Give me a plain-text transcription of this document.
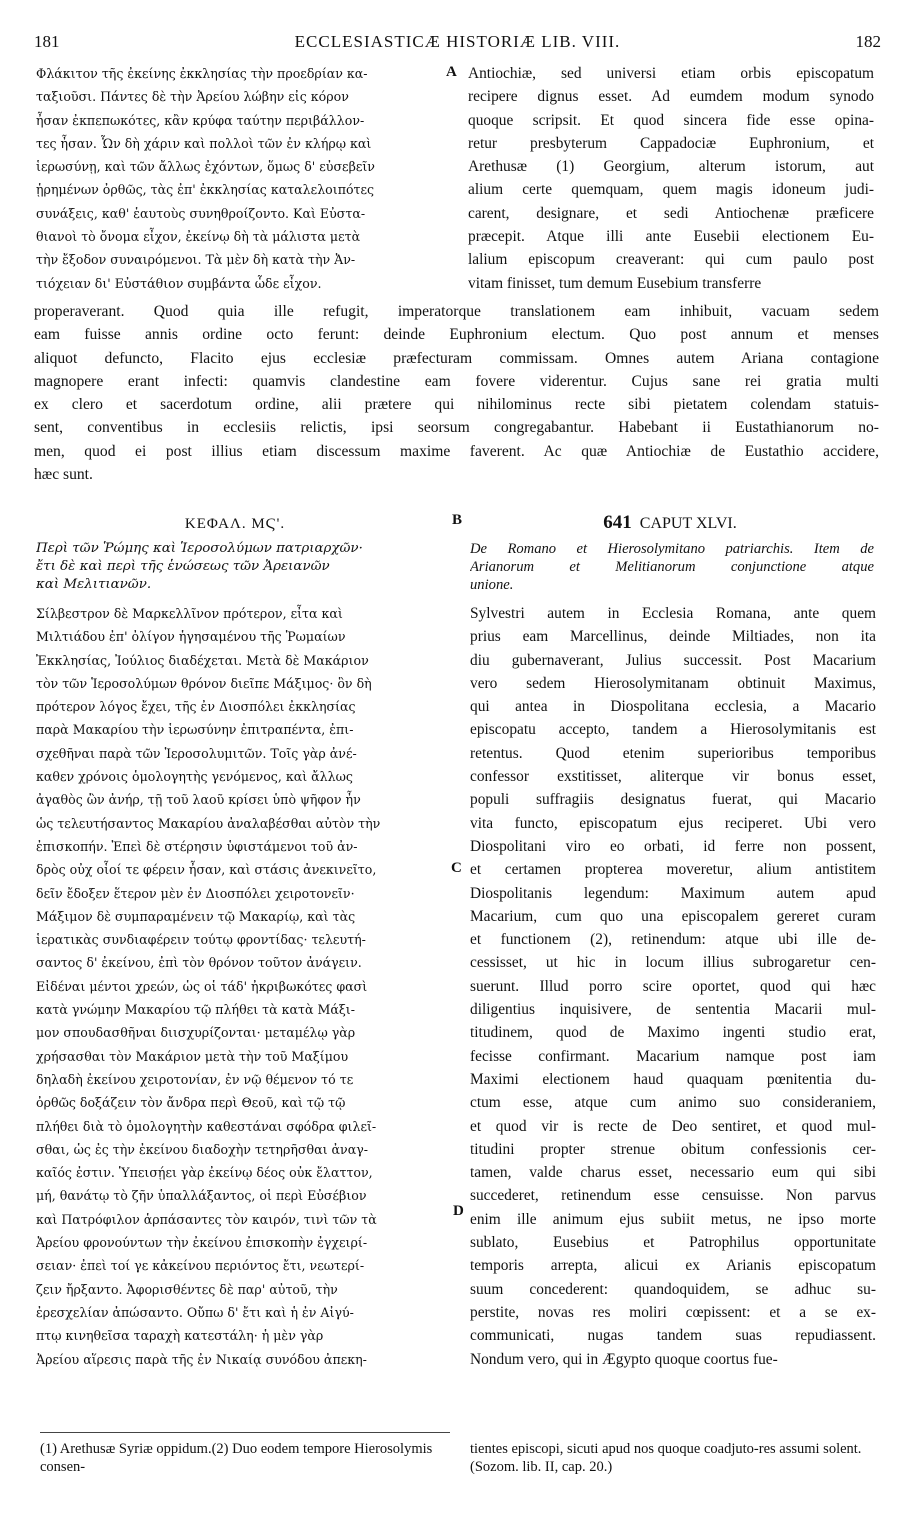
181	ECCLESIASTICÆ HISTORIÆ LIB. VIII.	182
Φλάκιτον τῆς ἐκείνης ἐκκλησίας τὴν προεδρίαν κα-
ταξιοῦσι. Πάντες δὲ τὴν Ἀρείου λώβην εἰς κόρον
ἦσαν ἐκπεπωκότες, κἂν κρύφα ταύτην περιβάλλον-
τες ἦσαν. Ὧν δὴ χάριν καὶ πολλοὶ τῶν ἐν κλήρῳ καὶ
ἱερωσύνῃ, καὶ τῶν ἄλλως ἐχόντων, ὅμως δ' εὐσεβεῖν
ᾑρημένων ὀρθῶς, τὰς ἐπ' ἐκκλησίας καταλελοιπότες
συνάξεις, καθ' ἑαυτοὺς συνηθροίζοντο. Καὶ Εὐστα-
θιανοὶ τὸ ὄνομα εἶχον, ἐκείνῳ δὴ τὰ μάλιστα μετὰ
τὴν ἔξοδον συναιρόμενοι. Τὰ μὲν δὴ κατὰ τὴν Ἀν-
τιόχειαν δι' Εὐστάθιον συμβάντα ὧδε εἶχον.
A Antiochiæ, sed universi etiam orbis episcopatum
recipere dignus esset. Ad eumdem modum synodo
quoque scripsit. Et quod sincera fide esse opina-
retur presbyterum Cappadociæ Euphronium, et
Arethusæ (1) Georgium, alterum istorum, aut
alium certe quemquam, quem magis idoneum judi-
carent, designare, et sedi Antiochenæ præficere
præcepit. Atque illi ante Eusebii electionem Eu-
lalium episcopum creaverant: qui cum paulo post
vitam finisset, tum demum Eusebium transferre
properaverant. Quod quia ille refugit, imperatorque translationem eam inhibuit, vacuam sedem
eam fuisse annis ordine octo ferunt: deinde Euphronium electum. Quo post annum et menses
aliquot defuncto, Flacito ejus ecclesiæ præfecturam commissam. Omnes autem Ariana contagione
magnopere erant infecti: quamvis clandestine eam fovere viderentur. Cujus sane rei gratia multi
ex clero et sacerdotum ordine, alii prætere qui nihilominus recte sibi pietatem colendam statuis-
sent, conventibus in ecclesiis relictis, ipsi seorsum congregabantur. Habebant ii Eustathianorum no-
men, quod ei post illius etiam discessum maxime faverent. Ac quæ Antiochiæ de Eustathio accidere,
hæc sunt.
ΚΕΦΑΛ. ΜϚ'.	B	641 CAPUT XLVI.
Περὶ τῶν Ῥώμης καὶ Ἱεροσολύμων πατριαρχῶν·
ἔτι δὲ καὶ περὶ τῆς ἑνώσεως τῶν Ἀρειανῶν
καὶ Μελιτιανῶν.
De Romano et Hierosolymitano patriarchis. Item de
Arianorum et Melitianorum conjunctione atque
unione.
Σίλβεστρον δὲ Μαρκελλῖνον πρότερον, εἶτα καὶ
Μιλτιάδου ἐπ' ὀλίγον ἡγησαμένου τῆς Ῥωμαίων
Ἐκκλησίας, Ἰούλιος διαδέχεται. Μετὰ δὲ Μακάριον
τὸν τῶν Ἱεροσολύμων θρόνον διεῖπε Μάξιμος· ὃν δὴ
πρότερον λόγος ἔχει, τῆς ἐν Διοσπόλει ἐκκλησίας
παρὰ Μακαρίου τὴν ἱερωσύνην ἐπιτραπέντα, ἐπι-
σχεθῆναι παρὰ τῶν Ἱεροσολυμιτῶν. Τοῖς γὰρ ἀνέ-
καθεν χρόνοις ὁμολογητὴς γενόμενος, καὶ ἄλλως
ἀγαθὸς ὢν ἀνήρ, τῇ τοῦ λαοῦ κρίσει ὑπὸ ψῆφον ἦν
ὡς τελευτήσαντος Μακαρίου ἀναλαβέσθαι αὐτὸν τὴν
ἐπισκοπήν. Ἐπεὶ δὲ στέρησιν ὑφιστάμενοι τοῦ ἀν-
δρὸς οὐχ οἷοί τε φέρειν ἦσαν, καὶ στάσις ἀνεκινεῖτο,
δεῖν ἔδοξεν ἕτερον μὲν ἐν Διοσπόλει χειροτονεῖν·
Μάξιμον δὲ συμπαραμένειν τῷ Μακαρίῳ, καὶ τὰς
ἱερατικὰς συνδιαφέρειν τούτῳ φροντίδας· τελευτή-
σαντος δ' ἐκείνου, ἐπὶ τὸν θρόνον τοῦτον ἀνάγειν.
Εἰδέναι μέντοι χρεών, ὡς οἱ τάδ' ἠκριβωκότες φασὶ
κατὰ γνώμην Μακαρίου τῷ πλήθει τὰ κατὰ Μάξι-
μον σπουδασθῆναι διισχυρίζονται· μεταμέλῳ γὰρ
χρήσασθαι τὸν Μακάριον μετὰ τὴν τοῦ Μαξίμου
δηλαδὴ ἐκείνου χειροτονίαν, ἐν νῷ θέμενον τό τε
ὀρθῶς δοξάζειν τὸν ἄνδρα περὶ Θεοῦ, καὶ τῷ τῷ
πλήθει διὰ τὸ ὁμολογητὴν καθεστάναι σφόδρα φιλεῖ-
σθαι, ὡς ἐς τὴν ἐκείνου διαδοχὴν τετηρῆσθαι ἀναγ-
καῖός ἐστιν. Ὑπεισῄει γὰρ ἐκείνῳ δέος οὐκ ἔλαττον,
μή, θανάτῳ τὸ ζῆν ὑπαλλάξαντος, οἱ περὶ Εὐσέβιον
καὶ Πατρόφιλον ἁρπάσαντες τὸν καιρόν, τινὶ τῶν τὰ
Ἀρείου φρονούντων τὴν ἐκείνου ἐπισκοπὴν ἐγχειρί-
σειαν· ἐπεὶ τοί γε κἀκείνου περιόντος ἔτι, νεωτερί-
ζειν ἤρξαντο. Ἀφορισθέντες δὲ παρ' αὐτοῦ, τὴν
ἐρεσχελίαν ἀπώσαντο. Οὔπω δ' ἔτι καὶ ἡ ἐν Αἰγύ-
πτῳ κινηθεῖσα ταραχὴ κατεστάλη· ἡ μὲν γὰρ
Ἀρείου αἵρεσις παρὰ τῆς ἐν Νικαίᾳ συνόδου ἀπεκη-
C
D
Sylvestri autem in Ecclesia Romana, ante quem
prius eam Marcellinus, deinde Miltiades, non ita
diu gubernaverant, Julius successit. Post Macarium
vero sedem Hierosolymitanam obtinuit Maximus,
qui antea in Diospolitana ecclesia, a Macario
episcopatu accepto, tandem a Hierosolymitanis est
retentus. Quod etenim superioribus temporibus
confessor exstitisset, aliterque vir bonus esset,
populi suffragiis designatus fuerat, qui Macario
vita functo, episcopatum ejus reciperet. Ubi vero
Diospolitani viro eo orbati, id ferre non possent,
et certamen propterea moveretur, alium antistitem
Diospolitanis legendum: Maximum autem apud
Macarium, cum quo una episcopalem gereret curam
et functionem (2), retinendum: atque ubi ille de-
cessisset, ut hic in locum illius subrogaretur cen-
suerunt. Illud porro scire oportet, quod qui hæc
diligentius inquisivere, de sententia Macarii mul-
titudinem, quod de Maximo ingenti studio erat,
fecisse confirmant. Macarium namque post iam
Maximi electionem haud quaquam pœnitentia du-
ctum esse, atque cum animo suo consideraniem,
et quod vir is recte de Deo sentiret, et quod mul-
titudini propter strenue obitum confessionis cer-
tamen, valde charus esset, necessario eum qui sibi
succederet, retinendum esse censuisse. Non parvus
enim ille animum ejus subiit metus, ne ipso morte
sublato, Eusebius et Patrophilus opportunitate
temporis arrepta, alicui ex Arianis episcopatum
suum concederent: quandoquidem, se adhuc su-
perstite, novas res moliri cœpissent: et a se ex-
communicati, nugas tandem suas repudiassent.
Nondum vero, qui in Ægypto quoque coortus fue-
(1) Arethusæ Syriæ oppidum.(2) Duo eodem tempore Hierosolymis consen-
tientes episcopi, sicuti apud nos quoque coadjuto-res assumi solent. (Sozom. lib. II, cap. 20.)
